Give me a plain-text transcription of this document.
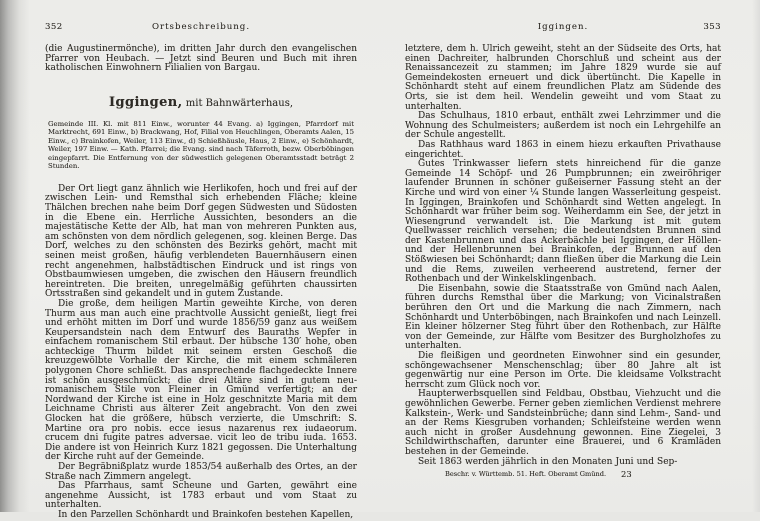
352	Ortsbeschreibung.

(die Augustinermönche), im dritten Jahr durch den evangelischen Pfarrer von Heubach. — Jetzt sind Beuren und Buch mit ihren katholischen Einwohnern Filialien von Bargau.

Iggingen, mit Bahnwärterhaus,

Gemeinde III. Kl. mit 811 Einw., worunter 44 Evang. a) Iggingen, Pfarrdorf mit Marktrecht, 691 Einw., b) Brackwang, Hof, Filial von Heuchlingen, Oberamts Aalen, 15 Einw., c) Brainkofen, Weiler, 113 Einw., d) Schießhäusle, Haus, 2 Einw., e) Schönhardt, Weiler, 197 Einw. — Kath. Pfarrei; die Evang. sind nach Täferroth, bezw. Oberböbingen eingepfarrt. Die Entfernung von der südwestlich gelegenen Oberamtsstadt beträgt 2 Stunden.

Der Ort liegt ganz ähnlich wie Herlikofen, hoch und frei auf der zwischen Lein- und Remsthal sich erhebenden Fläche; kleine Thälchen brechen nahe beim Dorf gegen Südwesten und Südosten in die Ebene ein. Herrliche Aussichten, besonders an die majestätische Kette der Alb, hat man von mehreren Punkten aus, am schönsten von dem nördlich gelegenen, sog. kleinen Berge. Das Dorf, welches zu den schönsten des Bezirks gehört, macht mit seinen meist großen, häufig verblendeten Bauernhäusern einen recht angenehmen, halbstädtischen Eindruck und ist rings von Obstbaumwiesen umgeben, die zwischen den Häusern freundlich hereintreten. Die breiten, unregelmäßig geführten chaussirten Ortsstraßen sind gekandelt und in gutem Zustande.

Die große, dem heiligen Martin geweihte Kirche, von deren Thurm aus man auch eine prachtvolle Aussicht genießt, liegt frei und erhöht mitten im Dorf und wurde 1856/59 ganz aus weißem Keupersandstein nach dem Entwurf des Bauraths Wepfer in einfachem romanischem Stil erbaut. Der hübsche 130′ hohe, oben achteckige Thurm bildet mit seinem ersten Geschoß die kreuzgewölbte Vorhalle der Kirche, die mit einem schmäleren polygonen Chore schließt. Das ansprechende flachgedeckte Innere ist schön ausgeschmückt; die drei Altäre sind in gutem neu-romanischem Stile von Fleiner in Gmünd verfertigt; an der Nordwand der Kirche ist eine in Holz geschnitzte Maria mit dem Leichname Christi aus älterer Zeit angebracht. Von den zwei Glocken hat die größere, hübsch verzierte, die Umschrift: S. Martine ora pro nobis. ecce iesus nazarenus rex iudaeorum. crucem dni fugite patres adversae. vicit leo de tribu iuda. 1653. Die andere ist von Heinrich Kurz 1821 gegossen. Die Unterhaltung der Kirche ruht auf der Gemeinde.

Der Begräbnißplatz wurde 1853/54 außerhalb des Ortes, an der Straße nach Zimmern angelegt.

Das Pfarrhaus, samt Scheune und Garten, gewährt eine angenehme Aussicht, ist 1783 erbaut und vom Staat zu unterhalten.

In den Parzellen Schönhardt und Brainkofen bestehen Kapellen,

Iggingen.	353

letztere, dem h. Ulrich geweiht, steht an der Südseite des Orts, hat einen Dachreiter, halbrunden Chorschluß und scheint aus der Renaissancezeit zu stammen; im Jahre 1829 wurde sie auf Gemeindekosten erneuert und dick übertüncht. Die Kapelle in Schönhardt steht auf einem freundlichen Platz am Südende des Orts, sie ist dem heil. Wendelin geweiht und vom Staat zu unterhalten.

Das Schulhaus, 1810 erbaut, enthält zwei Lehrzimmer und die Wohnung des Schulmeisters; außerdem ist noch ein Lehrgehilfe an der Schule angestellt.

Das Rathhaus ward 1863 in einem hiezu erkauften Privathause eingerichtet.

Gutes Trinkwasser liefern stets hinreichend für die ganze Gemeinde 14 Schöpf- und 26 Pumpbrunnen; ein zweiröhriger laufender Brunnen in schöner gußeiserner Fassung steht an der Kirche und wird von einer ¼ Stunde langen Wasserleitung gespeist. In Iggingen, Brainkofen und Schönhardt sind Wetten angelegt. In Schönhardt war früher beim sog. Weiherdamm ein See, der jetzt in Wiesengrund verwandelt ist. Die Markung ist mit gutem Quellwasser reichlich versehen; die bedeutendsten Brunnen sind der Kastenbrunnen und das Ackerbächle bei Iggingen, der Höllen- und der Hellenbrunnen bei Brainkofen, der Brunnen auf den Stößwiesen bei Schönhardt; dann fließen über die Markung die Lein und die Rems, zuweilen verheerend austretend, ferner der Rothenbach und der Winkelsklingenbach.

Die Eisenbahn, sowie die Staatsstraße von Gmünd nach Aalen, führen durchs Remsthal über die Markung; von Vicinalstraßen berühren den Ort und die Markung die nach Zimmern, nach Schönhardt und Unterböbingen, nach Brainkofen und nach Leinzell. Ein kleiner hölzerner Steg führt über den Rothenbach, zur Hälfte von der Gemeinde, zur Hälfte vom Besitzer des Burgholzhofes zu unterhalten.

Die fleißigen und geordneten Einwohner sind ein gesunder, schöngewachsener Menschenschlag; über 80 Jahre alt ist gegenwärtig nur eine Person im Orte. Die kleidsame Volkstracht herrscht zum Glück noch vor.

Haupterwerbsquellen sind Feldbau, Obstbau, Viehzucht und die gewöhnlichen Gewerbe. Ferner geben ziemlichen Verdienst mehrere Kalkstein-, Werk- und Sandsteinbrüche; dann sind Lehm-, Sand- und an der Rems Kiesgruben vorhanden; Schleifsteine werden wenn auch nicht in großer Ausdehnung gewonnen. Eine Ziegelei, 3 Schildwirthschaften, darunter eine Brauerei, und 6 Kramläden bestehen in der Gemeinde.

Seit 1863 werden jährlich in den Monaten Juni und Sep-

Beschr. v. Württemb. 51. Heft. Oberamt Gmünd. 23
